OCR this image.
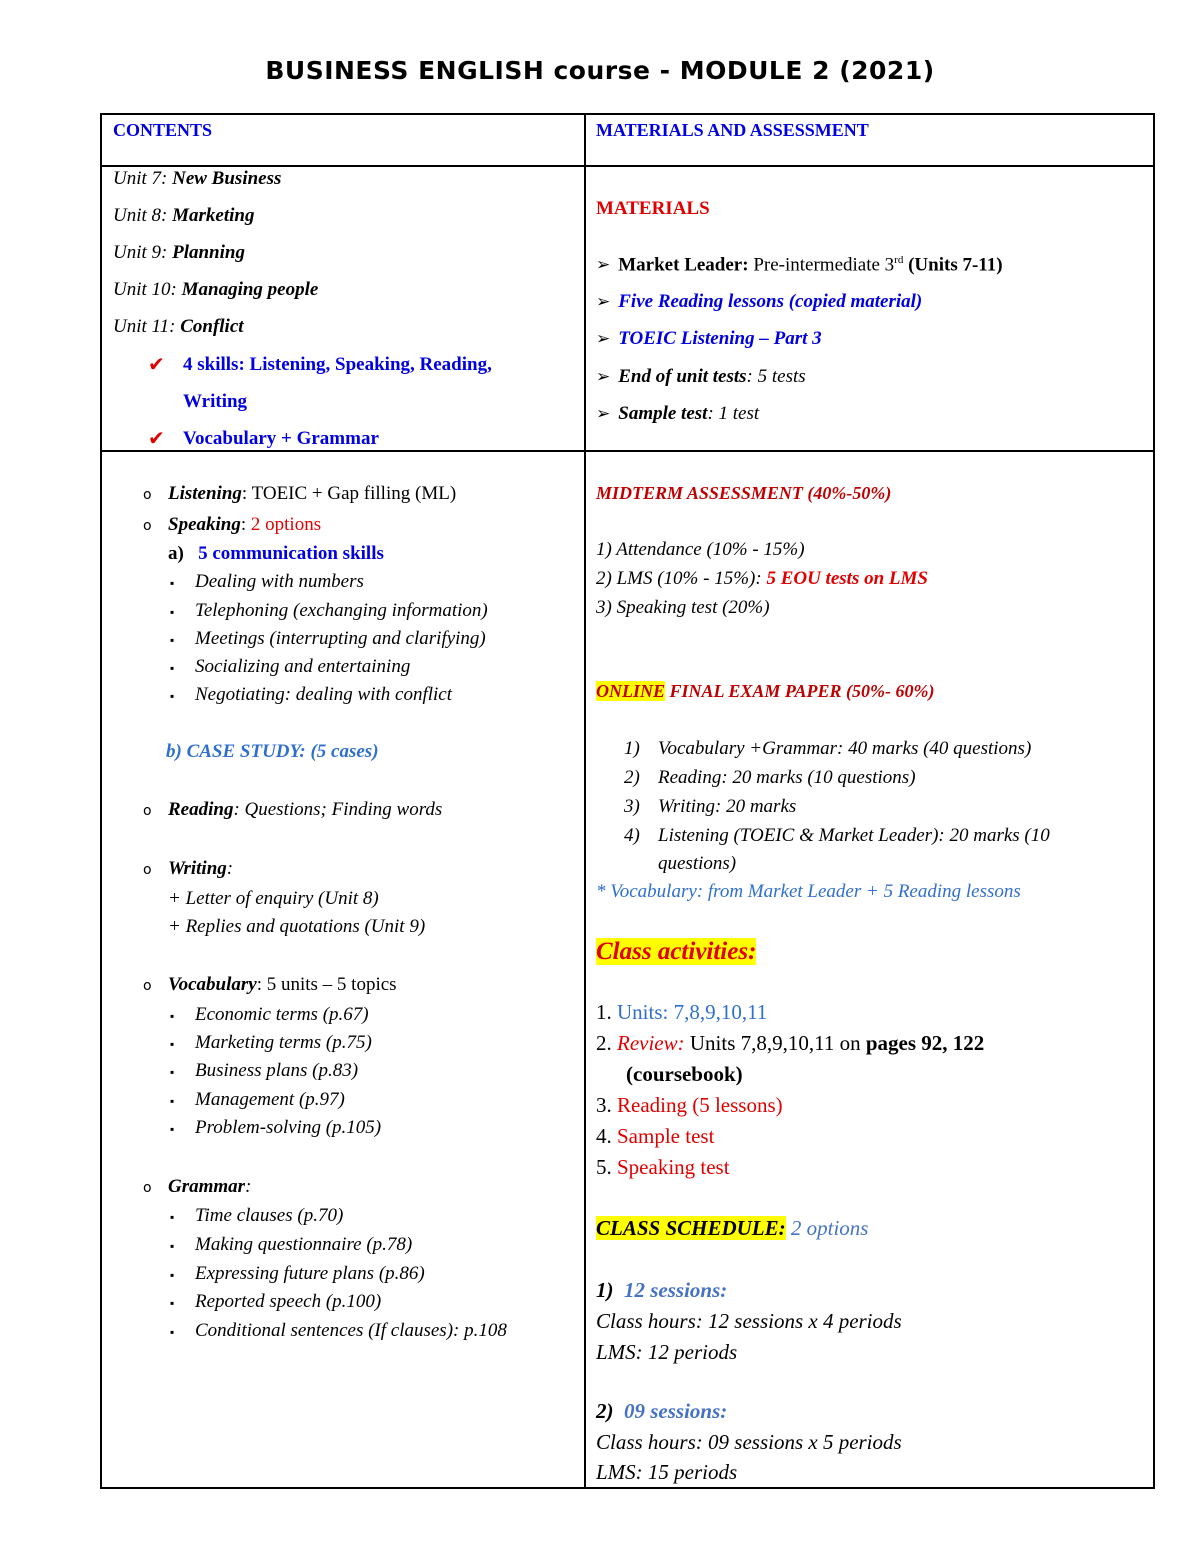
BUSINESS ENGLISH course - MODULE 2 (2021)
CONTENTS	MATERIALS AND ASSESSMENT
Unit 7: New Business
Unit 8: Marketing
Unit 9: Planning
Unit 10: Managing people
Unit 11: Conflict
✔ 4 skills: Listening, Speaking, Reading,
Writing
✔ Vocabulary + Grammar
MATERIALS
➢ Market Leader: Pre-intermediate 3rd (Units 7-11)
➢ Five Reading lessons (copied material)
➢ TOEIC Listening – Part 3
➢ End of unit tests: 5 tests
➢ Sample test: 1 test
o Listening: TOEIC + Gap filling (ML)
o Speaking: 2 options
a) 5 communication skills
▪ Dealing with numbers
▪ Telephoning (exchanging information)
▪ Meetings (interrupting and clarifying)
▪ Socializing and entertaining
▪ Negotiating: dealing with conflict
b) CASE STUDY: (5 cases)
o Reading: Questions; Finding words
o Writing:
+ Letter of enquiry (Unit 8)
+ Replies and quotations (Unit 9)
o Vocabulary: 5 units – 5 topics
▪ Economic terms (p.67)
▪ Marketing terms (p.75)
▪ Business plans (p.83)
▪ Management (p.97)
▪ Problem-solving (p.105)
o Grammar:
▪ Time clauses (p.70)
▪ Making questionnaire (p.78)
▪ Expressing future plans (p.86)
▪ Reported speech (p.100)
▪ Conditional sentences (If clauses): p.108
MIDTERM ASSESSMENT (40%-50%)
1) Attendance (10% - 15%)
2) LMS (10% - 15%): 5 EOU tests on LMS
3) Speaking test (20%)
ONLINE FINAL EXAM PAPER (50%- 60%)
1) Vocabulary +Grammar: 40 marks (40 questions)
2) Reading: 20 marks (10 questions)
3) Writing: 20 marks
4) Listening (TOEIC & Market Leader): 20 marks (10
questions)
* Vocabulary: from Market Leader + 5 Reading lessons
Class activities:
1. Units: 7,8,9,10,11
2. Review: Units 7,8,9,10,11 on pages 92, 122
(coursebook)
3. Reading (5 lessons)
4. Sample test
5. Speaking test
CLASS SCHEDULE: 2 options
1) 12 sessions:
Class hours: 12 sessions x 4 periods
LMS: 12 periods
2) 09 sessions:
Class hours: 09 sessions x 5 periods
LMS: 15 periods
